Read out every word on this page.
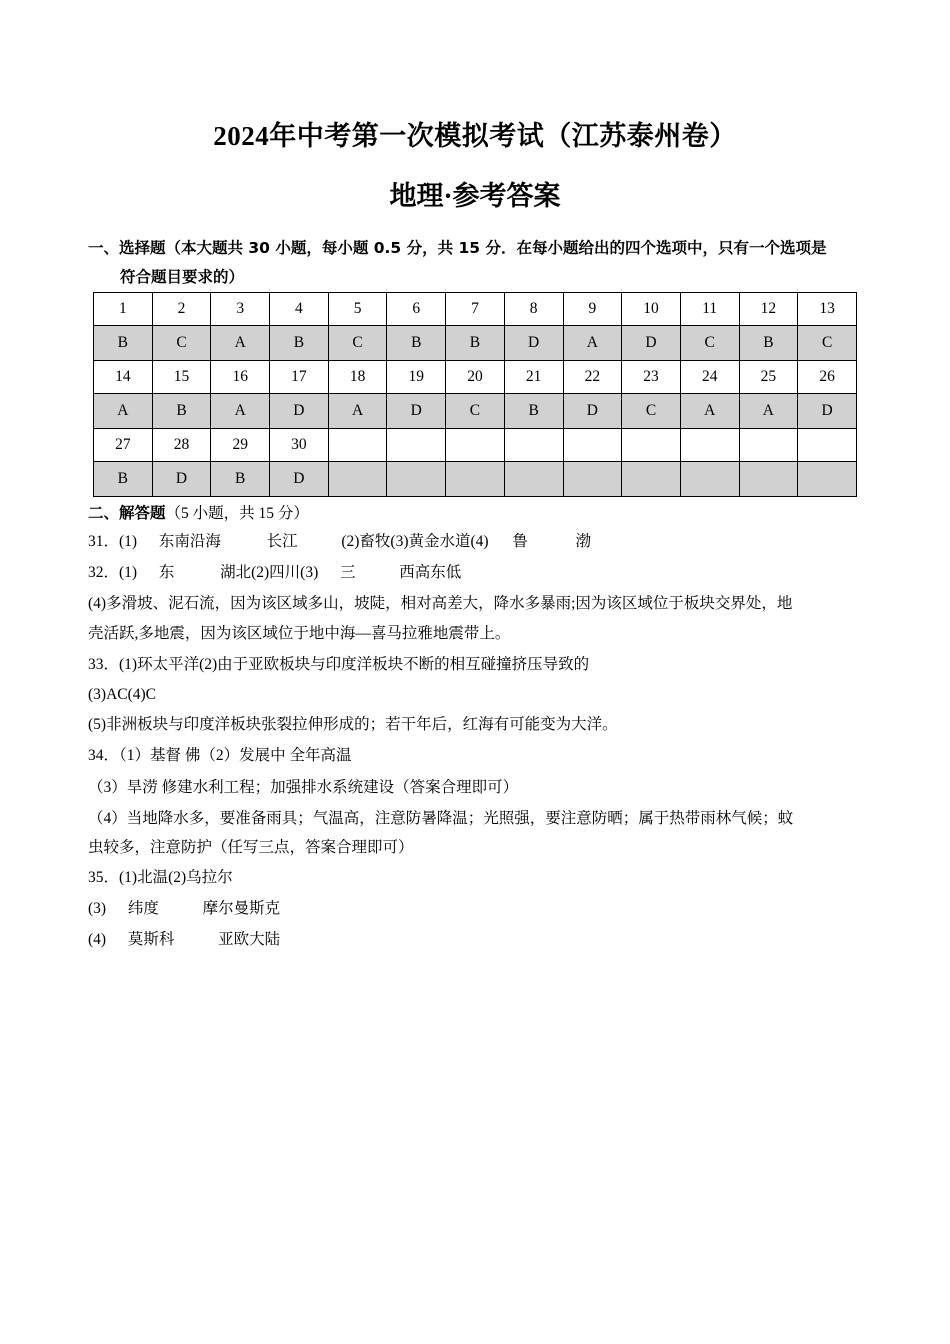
2024年中考第一次模拟考试（江苏泰州卷）
地理·参考答案
一、选择题（本大题共 30 小题，每小题 0.5 分，共 15 分．在每小题给出的四个选项中，只有一个选项是
符合题目要求的）
1	2	3	4	5	6	7	8	9	10	11	12	13
B	C	A	B	C	B	B	D	A	D	C	B	C
14	15	16	17	18	19	20	21	22	23	24	25	26
A	B	A	D	A	D	C	B	D	C	A	A	D
27	28	29	30									
B	D	B	D									
二、解答题（5 小题，共 15 分）
31．(1) 东南沿海	长江	(2)畜牧(3)黄金水道(4) 鲁	渤
32．(1) 东	湖北(2)四川(3) 三	西高东低
(4)多滑坡、泥石流，因为该区域多山，坡陡，相对高差大，降水多暴雨;因为该区域位于板块交界处，地
壳活跃,多地震，因为该区域位于地中海—喜马拉雅地震带上。
33．(1)环太平洋(2)由于亚欧板块与印度洋板块不断的相互碰撞挤压导致的
(3)AC(4)C
(5)非洲板块与印度洋板块张裂拉伸形成的；若干年后，红海有可能变为大洋。
34．（1）基督 佛（2）发展中 全年高温
（3）旱涝 修建水利工程；加强排水系统建设（答案合理即可）
（4）当地降水多，要准备雨具；气温高，注意防暑降温；光照强，要注意防晒；属于热带雨林气候；蚊
虫较多，注意防护（任写三点，答案合理即可）
35．(1)北温(2)乌拉尔
(3) 纬度	摩尔曼斯克
(4) 莫斯科	亚欧大陆
